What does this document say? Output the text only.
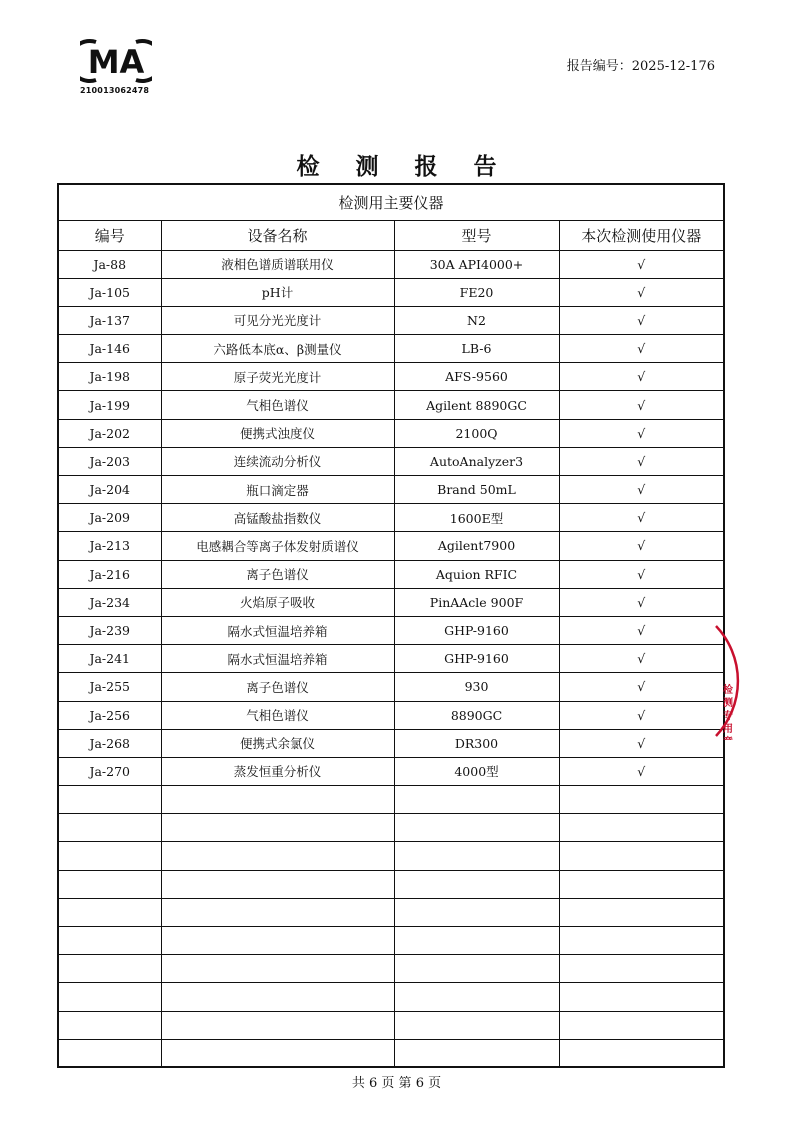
MA
210013062478
报告编号：2025-12-176
检 测 报 告
检测用主要仪器			
编号	设备名称	型号	本次检测使用仪器
Ja-88	液相色谱质谱联用仪	30A API4000+	√
Ja-105	pH计	FE20	√
Ja-137	可见分光光度计	N2	√
Ja-146	六路低本底α、β测量仪	LB-6	√
Ja-198	原子荧光光度计	AFS-9560	√
Ja-199	气相色谱仪	Agilent 8890GC	√
Ja-202	便携式浊度仪	2100Q	√
Ja-203	连续流动分析仪	AutoAnalyzer3	√
Ja-204	瓶口滴定器	Brand 50mL	√
Ja-209	高锰酸盐指数仪	1600E型	√
Ja-213	电感耦合等离子体发射质谱仪	Agilent7900	√
Ja-216	离子色谱仪	Aquion RFIC	√
Ja-234	火焰原子吸收	PinAAcle 900F	√
Ja-239	隔水式恒温培养箱	GHP-9160	√
Ja-241	隔水式恒温培养箱	GHP-9160	√
Ja-255	离子色谱仪	930	√
Ja-256	气相色谱仪	8890GC	√
Ja-268	便携式余氯仪	DR300	√
Ja-270	蒸发恒重分析仪	4000型	√

共 6 页 第 6 页
检测专用章
